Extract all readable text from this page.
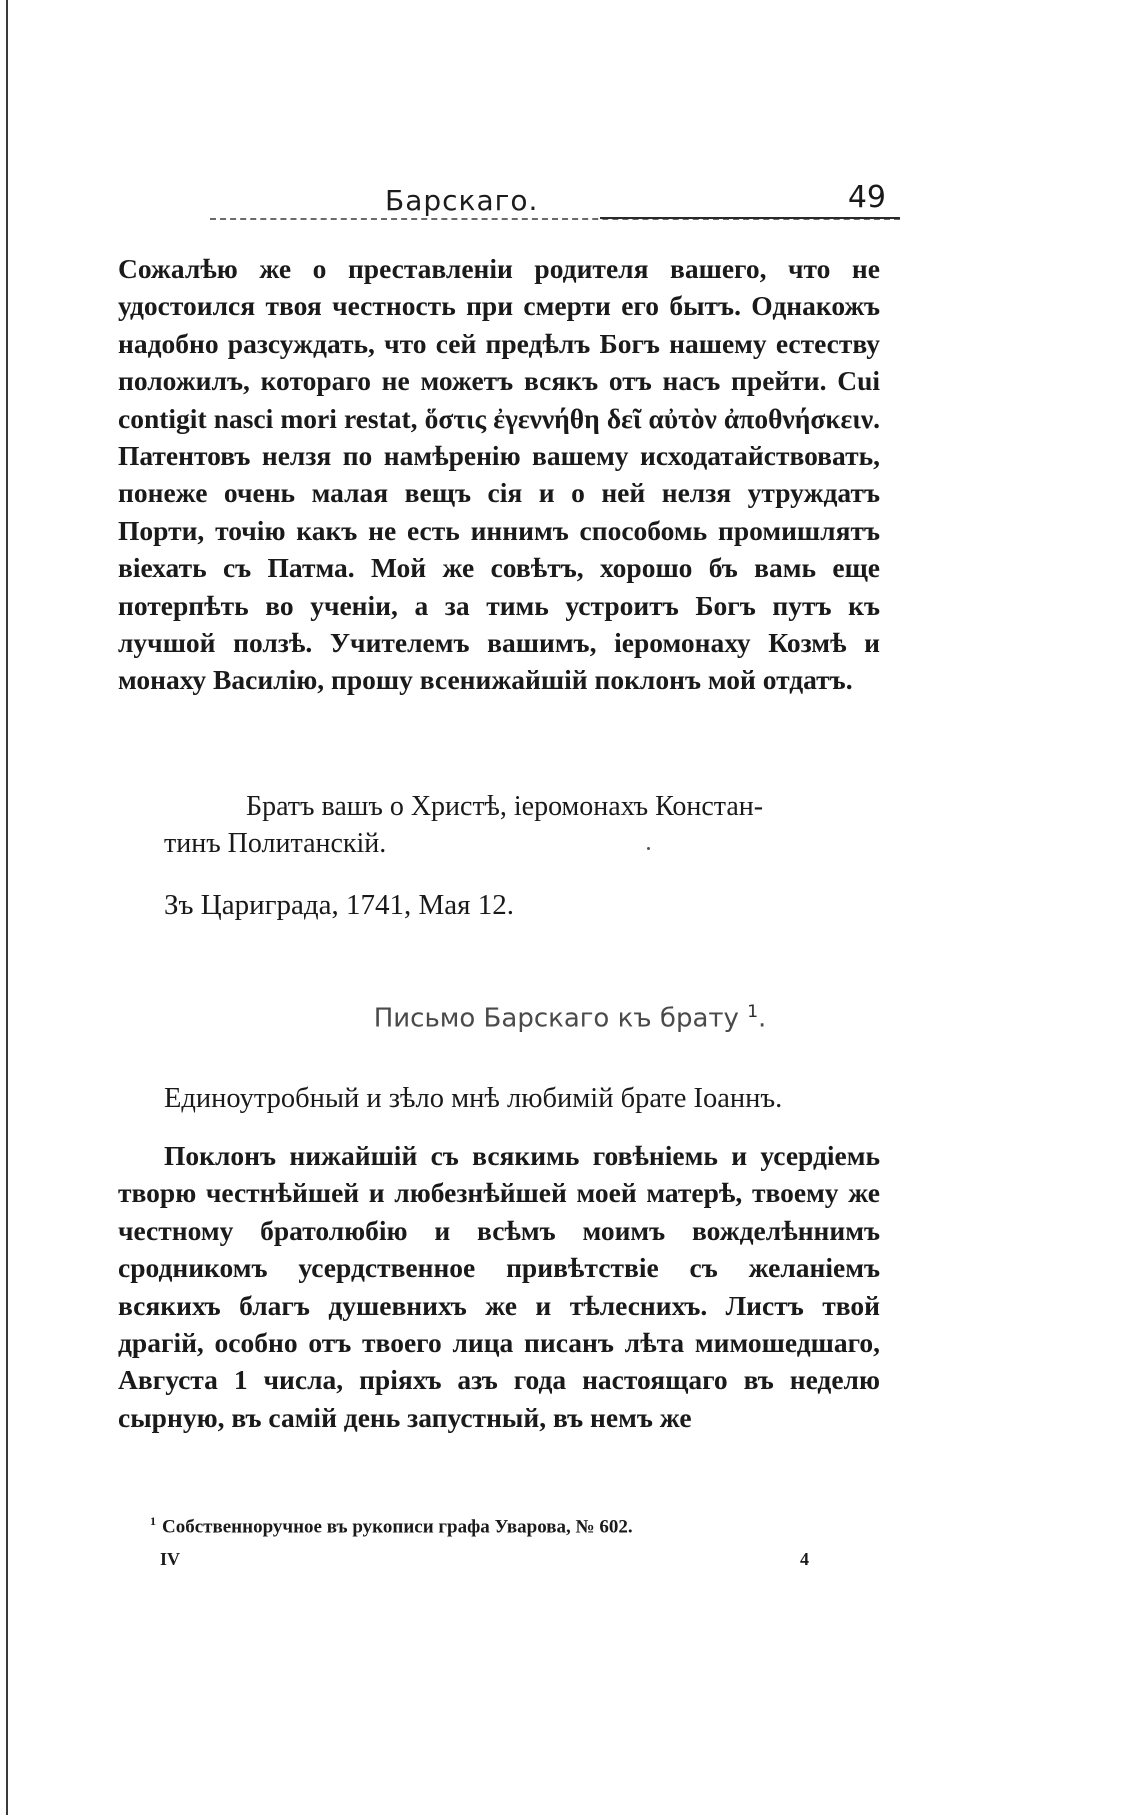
Барскаго.	49

Сожалѣю же о преставленіи родителя вашего, что не удостоился твоя честность при смерти его бытъ. Однакожъ надобно разсуждать, что сей предѣлъ Богъ нашему естеству положилъ, котораго не можетъ всякъ отъ насъ прейти. Cui contigit nasci mori restat, ὅστις ἐγεννήθη δεῖ αὐτὸν ἀποθνήσκειν. Патентовъ нелзя по намѣренію вашему исходатайствовать, понеже очень малая вещъ сія и о ней нелзя утруждатъ Порти, точію какъ не есть иннимъ способомь промишлятъ віехать съ Патма. Мой же совѣтъ, хорошо бъ вамь еще потерпѣть во ученіи, а за тимь устроитъ Богъ путъ къ лучшой ползѣ. Учителемъ вашимъ, іеромонаху Козмѣ и монаху Василію, прошу всенижайшій поклонъ мой отдатъ.

Братъ вашъ о Христѣ, іеромонахъ Констан-
тинъ Политанскій.
Зъ Цариграда, 1741, Мая 12.
Письмо Барскаго къ брату $^1$.
Единоутробный и зѣло мнѣ любимій брате Іоаннъ.

Поклонъ нижайшій съ всякимь говѣніемь и усердіемь творю честнѣйшей и любезнѣйшей моей матерѣ, твоему же честному братолюбію и всѣмъ моимъ вожделѣннимъ сродникомъ усердственное привѣтствіе съ желаніемъ всякихъ благъ душевнихъ же и тѣлеснихъ. Листъ твой драгій, особно отъ твоего лица писанъ лѣта мимошедшаго, Августа 1 числа, пріяхъ азъ года настоящаго въ неделю сырную, въ самій день запустный, въ немъ же

$^1$ Собственноручное въ рукописи графа Уварова, № 602.
IV	4
